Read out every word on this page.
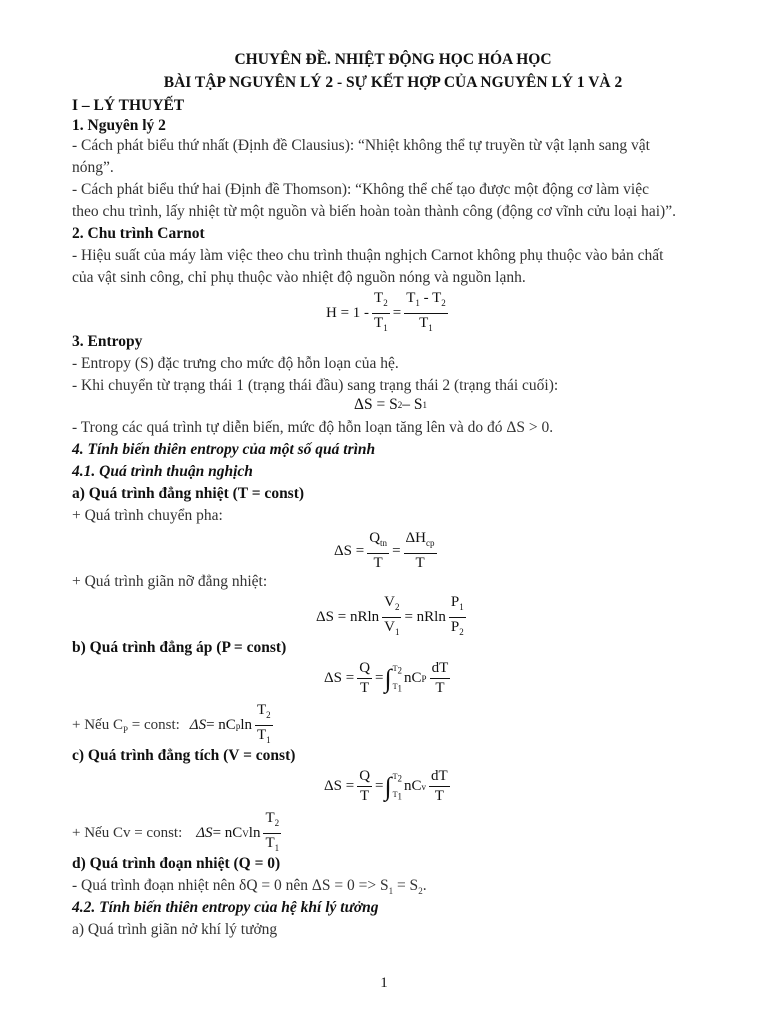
CHUYÊN ĐỀ. NHIỆT ĐỘNG HỌC HÓA HỌC
BÀI TẬP NGUYÊN LÝ 2 - SỰ KẾT HỢP CỦA NGUYÊN LÝ 1 VÀ 2
I – LÝ THUYẾT
1. Nguyên lý 2
- Cách phát biểu thứ nhất (Định đề Clausius): “Nhiệt không thể tự truyền từ vật lạnh sang vật
nóng”.
- Cách phát biểu thứ hai (Định đề Thomson): “Không thể chế tạo được một động cơ làm việc
theo chu trình, lấy nhiệt từ một nguồn và biến hoàn toàn thành công (động cơ vĩnh cửu loại hai)”.
2. Chu trình Carnot
- Hiệu suất của máy làm việc theo chu trình thuận nghịch Carnot không phụ thuộc vào bản chất
của vật sinh công, chỉ phụ thuộc vào nhiệt độ nguồn nóng và nguồn lạnh.
$H = 1 - \frac{T_2}{T_1} = \frac{T_1 - T_2}{T_1}$
3. Entropy
- Entropy (S) đặc trưng cho mức độ hỗn loạn của hệ.
- Khi chuyển từ trạng thái 1 (trạng thái đầu) sang trạng thái 2 (trạng thái cuối):
ΔS = S 2 – S 1
- Trong các quá trình tự diễn biến, mức độ hỗn loạn tăng lên và do đó ΔS > 0.
4. Tính biến thiên entropy của một số quá trình
4.1. Quá trình thuận nghịch
a) Quá trình đẳng nhiệt (T = const)
+ Quá trình chuyển pha:
$\Delta S = \frac{Q_{tn}}{T} = \frac{\Delta H_{cp}}{T}$
+ Quá trình giãn nỡ đẳng nhiệt:
ΔS = nRln $\frac{V_2}{V_1} = nRln \frac{P_1}{P_2}$
b) Quá trình đẳng áp (P = const)
$\Delta S = \frac{Q}{T}$ = ∫ $T_2$
$T_1$
nC P $\frac{dT}{T}$
+ Nếu $C_P$ = const: ΔS = nC p $\ln \frac{T_2}{T_1}$
c) Quá trình đẳng tích (V = const)
$\Delta S = \frac{Q}{T}$ = ∫ $T_2$
$T_1$
nC v $\frac{dT}{T}$
+ Nếu Cv = const: ΔS = nC V $\ln \frac{T_2}{T_1}$
d) Quá trình đoạn nhiệt (Q = 0)
- Quá trình đoạn nhiệt nên δQ = 0 nên $\Delta S = 0 => S_1 = S_2$.
4.2. Tính biến thiên entropy của hệ khí lý tưởng
a) Quá trình giãn nở khí lý tưởng
1
